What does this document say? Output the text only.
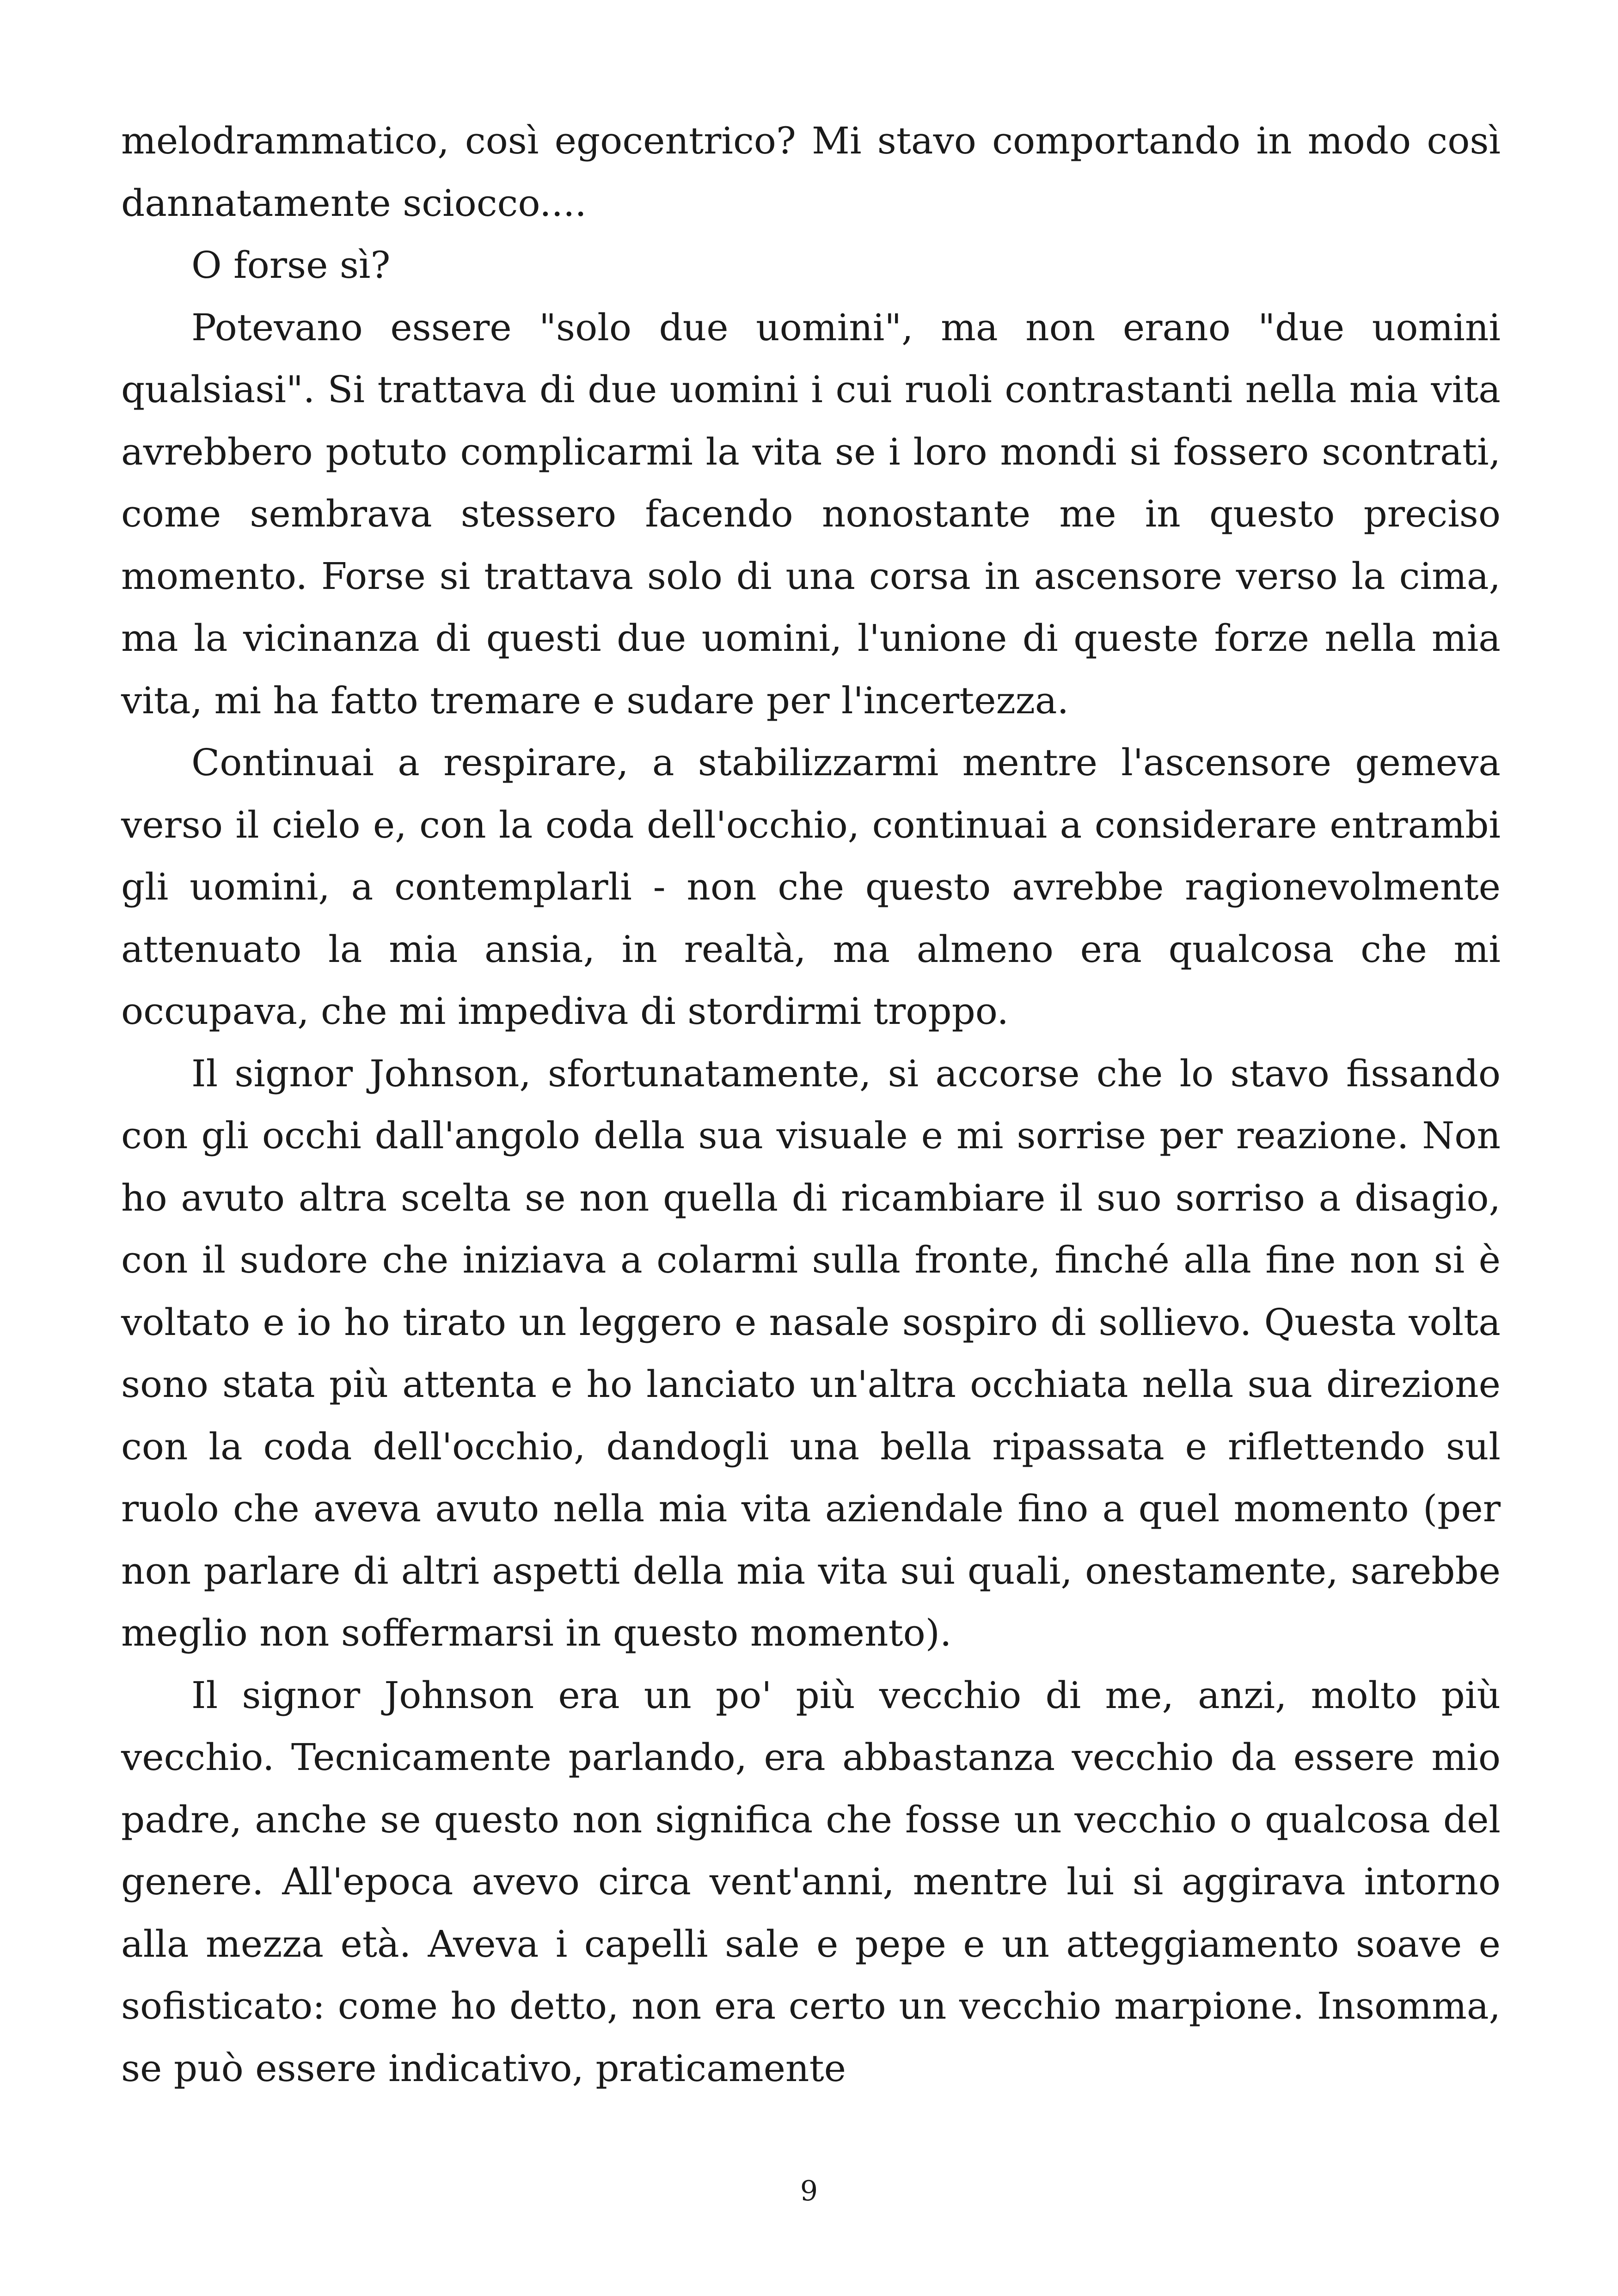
melodrammatico, così egocentrico? Mi stavo comportando in modo così dannatamente sciocco....

O forse sì?

Potevano essere "solo due uomini", ma non erano "due uomini qualsiasi". Si trattava di due uomini i cui ruoli contrastanti nella mia vita avrebbero potuto complicarmi la vita se i loro mondi si fossero scontrati, come sembrava stessero facendo nonostante me in questo preciso momento. Forse si trattava solo di una corsa in ascensore verso la cima, ma la vicinanza di questi due uomini, l'unione di queste forze nella mia vita, mi ha fatto tremare e sudare per l'incertezza.

Continuai a respirare, a stabilizzarmi mentre l'ascensore gemeva verso il cielo e, con la coda dell'occhio, continuai a considerare entrambi gli uomini, a contemplarli - non che questo avrebbe ragionevolmente attenuato la mia ansia, in realtà, ma almeno era qualcosa che mi occupava, che mi impediva di stordirmi troppo.

Il signor Johnson, sfortunatamente, si accorse che lo stavo fissando con gli occhi dall'angolo della sua visuale e mi sorrise per reazione. Non ho avuto altra scelta se non quella di ricambiare il suo sorriso a disagio, con il sudore che iniziava a colarmi sulla fronte, finché alla fine non si è voltato e io ho tirato un leggero e nasale sospiro di sollievo. Questa volta sono stata più attenta e ho lanciato un'altra occhiata nella sua direzione con la coda dell'occhio, dandogli una bella ripassata e riflettendo sul ruolo che aveva avuto nella mia vita aziendale fino a quel momento (per non parlare di altri aspetti della mia vita sui quali, onestamente, sarebbe meglio non soffermarsi in questo momento).

Il signor Johnson era un po' più vecchio di me, anzi, molto più vecchio. Tecnicamente parlando, era abbastanza vecchio da essere mio padre, anche se questo non significa che fosse un vecchio o qualcosa del genere. All'epoca avevo circa vent'anni, mentre lui si aggirava intorno alla mezza età. Aveva i capelli sale e pepe e un atteggiamento soave e sofisticato: come ho detto, non era certo un vecchio marpione. Insomma, se può essere indicativo, praticamente

9
